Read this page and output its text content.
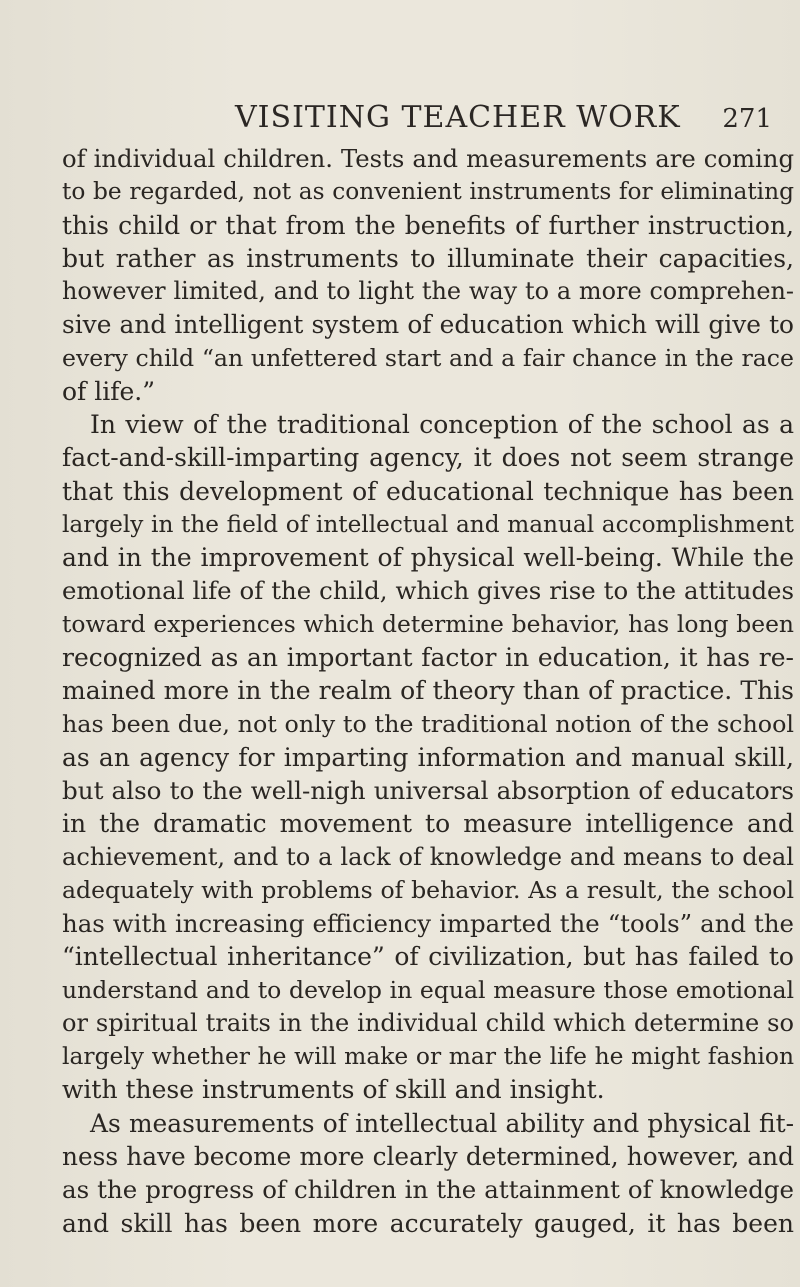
VISITING TEACHER WORK 271
of individual children. Tests and measurements are coming
to be regarded, not as convenient instruments for eliminating
this child or that from the benefits of further instruction,
but rather as instruments to illuminate their capacities,
however limited, and to light the way to a more comprehen-
sive and intelligent system of education which will give to
every child “an unfettered start and a fair chance in the race
of life.”
In view of the traditional conception of the school as a
fact-and-skill-imparting agency, it does not seem strange
that this development of educational technique has been
largely in the field of intellectual and manual accomplishment
and in the improvement of physical well-being. While the
emotional life of the child, which gives rise to the attitudes
toward experiences which determine behavior, has long been
recognized as an important factor in education, it has re-
mained more in the realm of theory than of practice. This
has been due, not only to the traditional notion of the school
as an agency for imparting information and manual skill,
but also to the well-nigh universal absorption of educators
in the dramatic movement to measure intelligence and
achievement, and to a lack of knowledge and means to deal
adequately with problems of behavior. As a result, the school
has with increasing efficiency imparted the “tools” and the
“intellectual inheritance” of civilization, but has failed to
understand and to develop in equal measure those emotional
or spiritual traits in the individual child which determine so
largely whether he will make or mar the life he might fashion
with these instruments of skill and insight.
As measurements of intellectual ability and physical fit-
ness have become more clearly determined, however, and
as the progress of children in the attainment of knowledge
and skill has been more accurately gauged, it has been
